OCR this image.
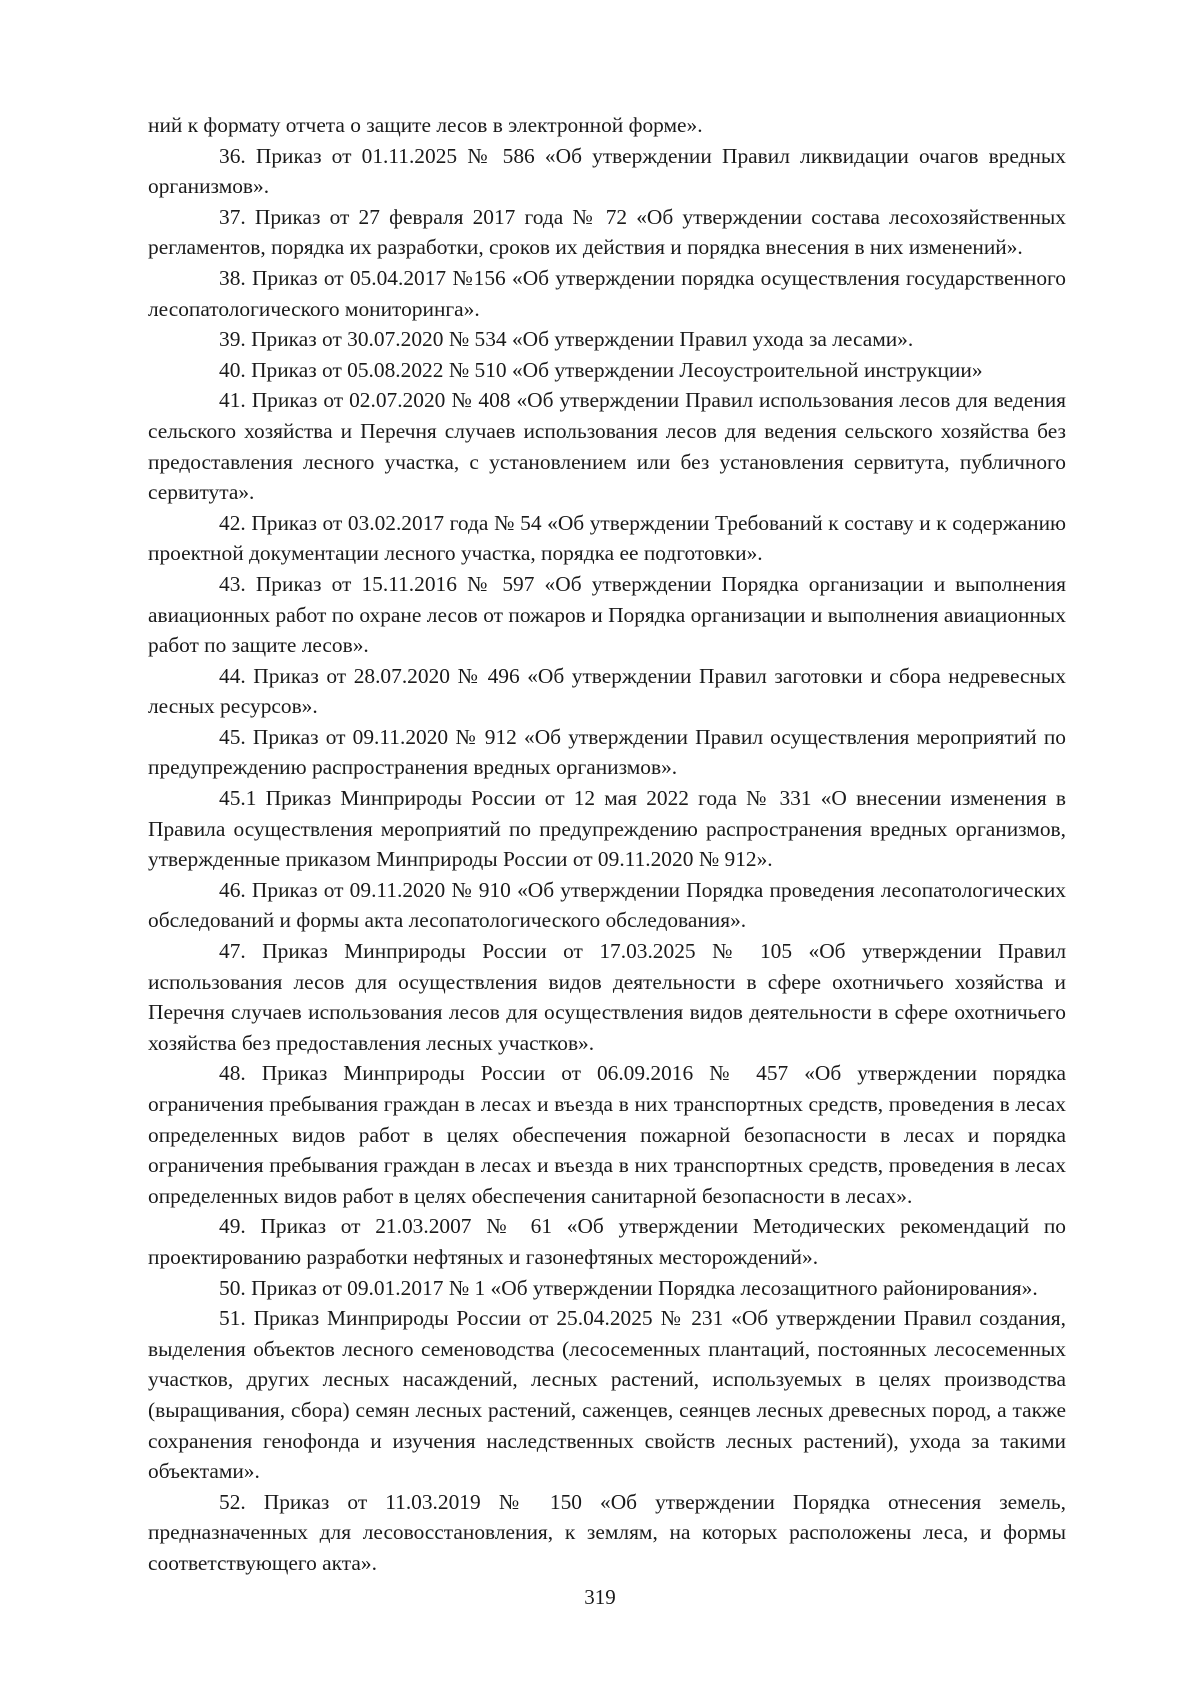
ний к формату отчета о защите лесов в электронной форме».

36. Приказ от 01.11.2025 № 586 «Об утверждении Правил ликвидации очагов вредных организмов».

37. Приказ от 27 февраля 2017 года № 72 «Об утверждении состава лесохозяйственных регламентов, порядка их разработки, сроков их действия и порядка внесения в них изменений».

38. Приказ от 05.04.2017 №156 «Об утверждении порядка осуществления государственного лесопатологического мониторинга».

39. Приказ от 30.07.2020 № 534 «Об утверждении Правил ухода за лесами».

40. Приказ от 05.08.2022 № 510 «Об утверждении Лесоустроительной инструкции»

41. Приказ от 02.07.2020 № 408 «Об утверждении Правил использования лесов для ведения сельского хозяйства и Перечня случаев использования лесов для ведения сельского хозяйства без предоставления лесного участка, с установлением или без установления сервитута, публичного сервитута».

42. Приказ от 03.02.2017 года № 54 «Об утверждении Требований к составу и к содержанию проектной документации лесного участка, порядка ее подготовки».

43. Приказ от 15.11.2016 № 597 «Об утверждении Порядка организации и выполнения авиационных работ по охране лесов от пожаров и Порядка организации и выполнения авиационных работ по защите лесов».

44. Приказ от 28.07.2020 № 496 «Об утверждении Правил заготовки и сбора недревесных лесных ресурсов».

45. Приказ от 09.11.2020 № 912 «Об утверждении Правил осуществления мероприятий по предупреждению распространения вредных организмов».

45.1 Приказ Минприроды России от 12 мая 2022 года № 331 «О внесении изменения в Правила осуществления мероприятий по предупреждению распространения вредных организмов, утвержденные приказом Минприроды России от 09.11.2020 № 912».

46. Приказ от 09.11.2020 № 910 «Об утверждении Порядка проведения лесопатологических обследований и формы акта лесопатологического обследования».

47. Приказ Минприроды России от 17.03.2025 № 105 «Об утверждении Правил использования лесов для осуществления видов деятельности в сфере охотничьего хозяйства и Перечня случаев использования лесов для осуществления видов деятельности в сфере охотничьего хозяйства без предоставления лесных участков».

48. Приказ Минприроды России от 06.09.2016 № 457 «Об утверждении порядка ограничения пребывания граждан в лесах и въезда в них транспортных средств, проведения в лесах определенных видов работ в целях обеспечения пожарной безопасности в лесах и порядка ограничения пребывания граждан в лесах и въезда в них транспортных средств, проведения в лесах определенных видов работ в целях обеспечения санитарной безопасности в лесах».

49. Приказ от 21.03.2007 № 61 «Об утверждении Методических рекомендаций по проектированию разработки нефтяных и газонефтяных месторождений».

50. Приказ от 09.01.2017 № 1 «Об утверждении Порядка лесозащитного районирования».

51. Приказ Минприроды России от 25.04.2025 № 231 «Об утверждении Правил создания, выделения объектов лесного семеноводства (лесосеменных плантаций, постоянных лесосеменных участков, других лесных насаждений, лесных растений, используемых в целях производства (выращивания, сбора) семян лесных растений, саженцев, сеянцев лесных древесных пород, а также сохранения генофонда и изучения наследственных свойств лесных растений), ухода за такими объектами».

52. Приказ от 11.03.2019 № 150 «Об утверждении Порядка отнесения земель, предназначенных для лесовосстановления, к землям, на которых расположены леса, и формы соответствующего акта».

319
